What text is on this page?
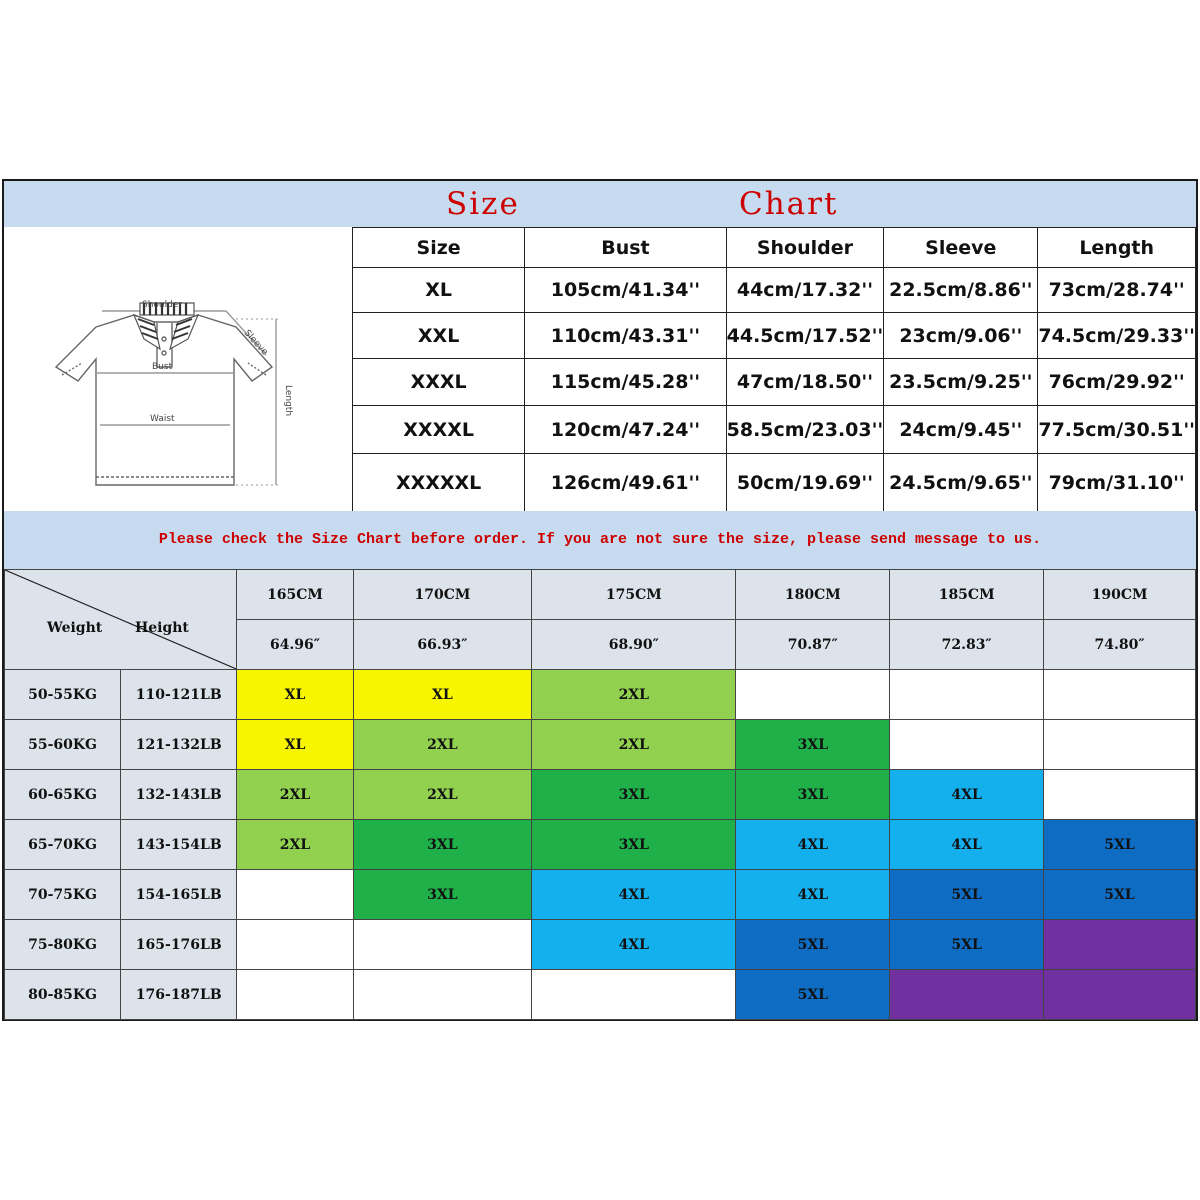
Size	Chart
Shoulder
Sleeve
Bust
Waist
Length
Size	Bust	Shoulder	Sleeve	Length
XL	105cm/41.34''	44cm/17.32''	22.5cm/8.86''	73cm/28.74''
XXL	110cm/43.31''	44.5cm/17.52''	23cm/9.06''	74.5cm/29.33''
XXXL	115cm/45.28''	47cm/18.50''	23.5cm/9.25''	76cm/29.92''
XXXXL	120cm/47.24''	58.5cm/23.03''	24cm/9.45''	77.5cm/30.51''
XXXXXL	126cm/49.61''	50cm/19.69''	24.5cm/9.65''	79cm/31.10''
Please check the Size Chart before order. If you are not sure the size, please send message to us.
Weight Height		165CM	170CM	175CM	180CM	185CM	190CM
		64.96″	66.93″	68.90″	70.87″	72.83″	74.80″
50-55KG	110-121LB	XL	XL	2XL			
55-60KG	121-132LB	XL	2XL	2XL	3XL		
60-65KG	132-143LB	2XL	2XL	3XL	3XL	4XL	
65-70KG	143-154LB	2XL	3XL	3XL	4XL	4XL	5XL
70-75KG	154-165LB		3XL	4XL	4XL	5XL	5XL
75-80KG	165-176LB			4XL	5XL	5XL	
80-85KG	176-187LB				5XL		
